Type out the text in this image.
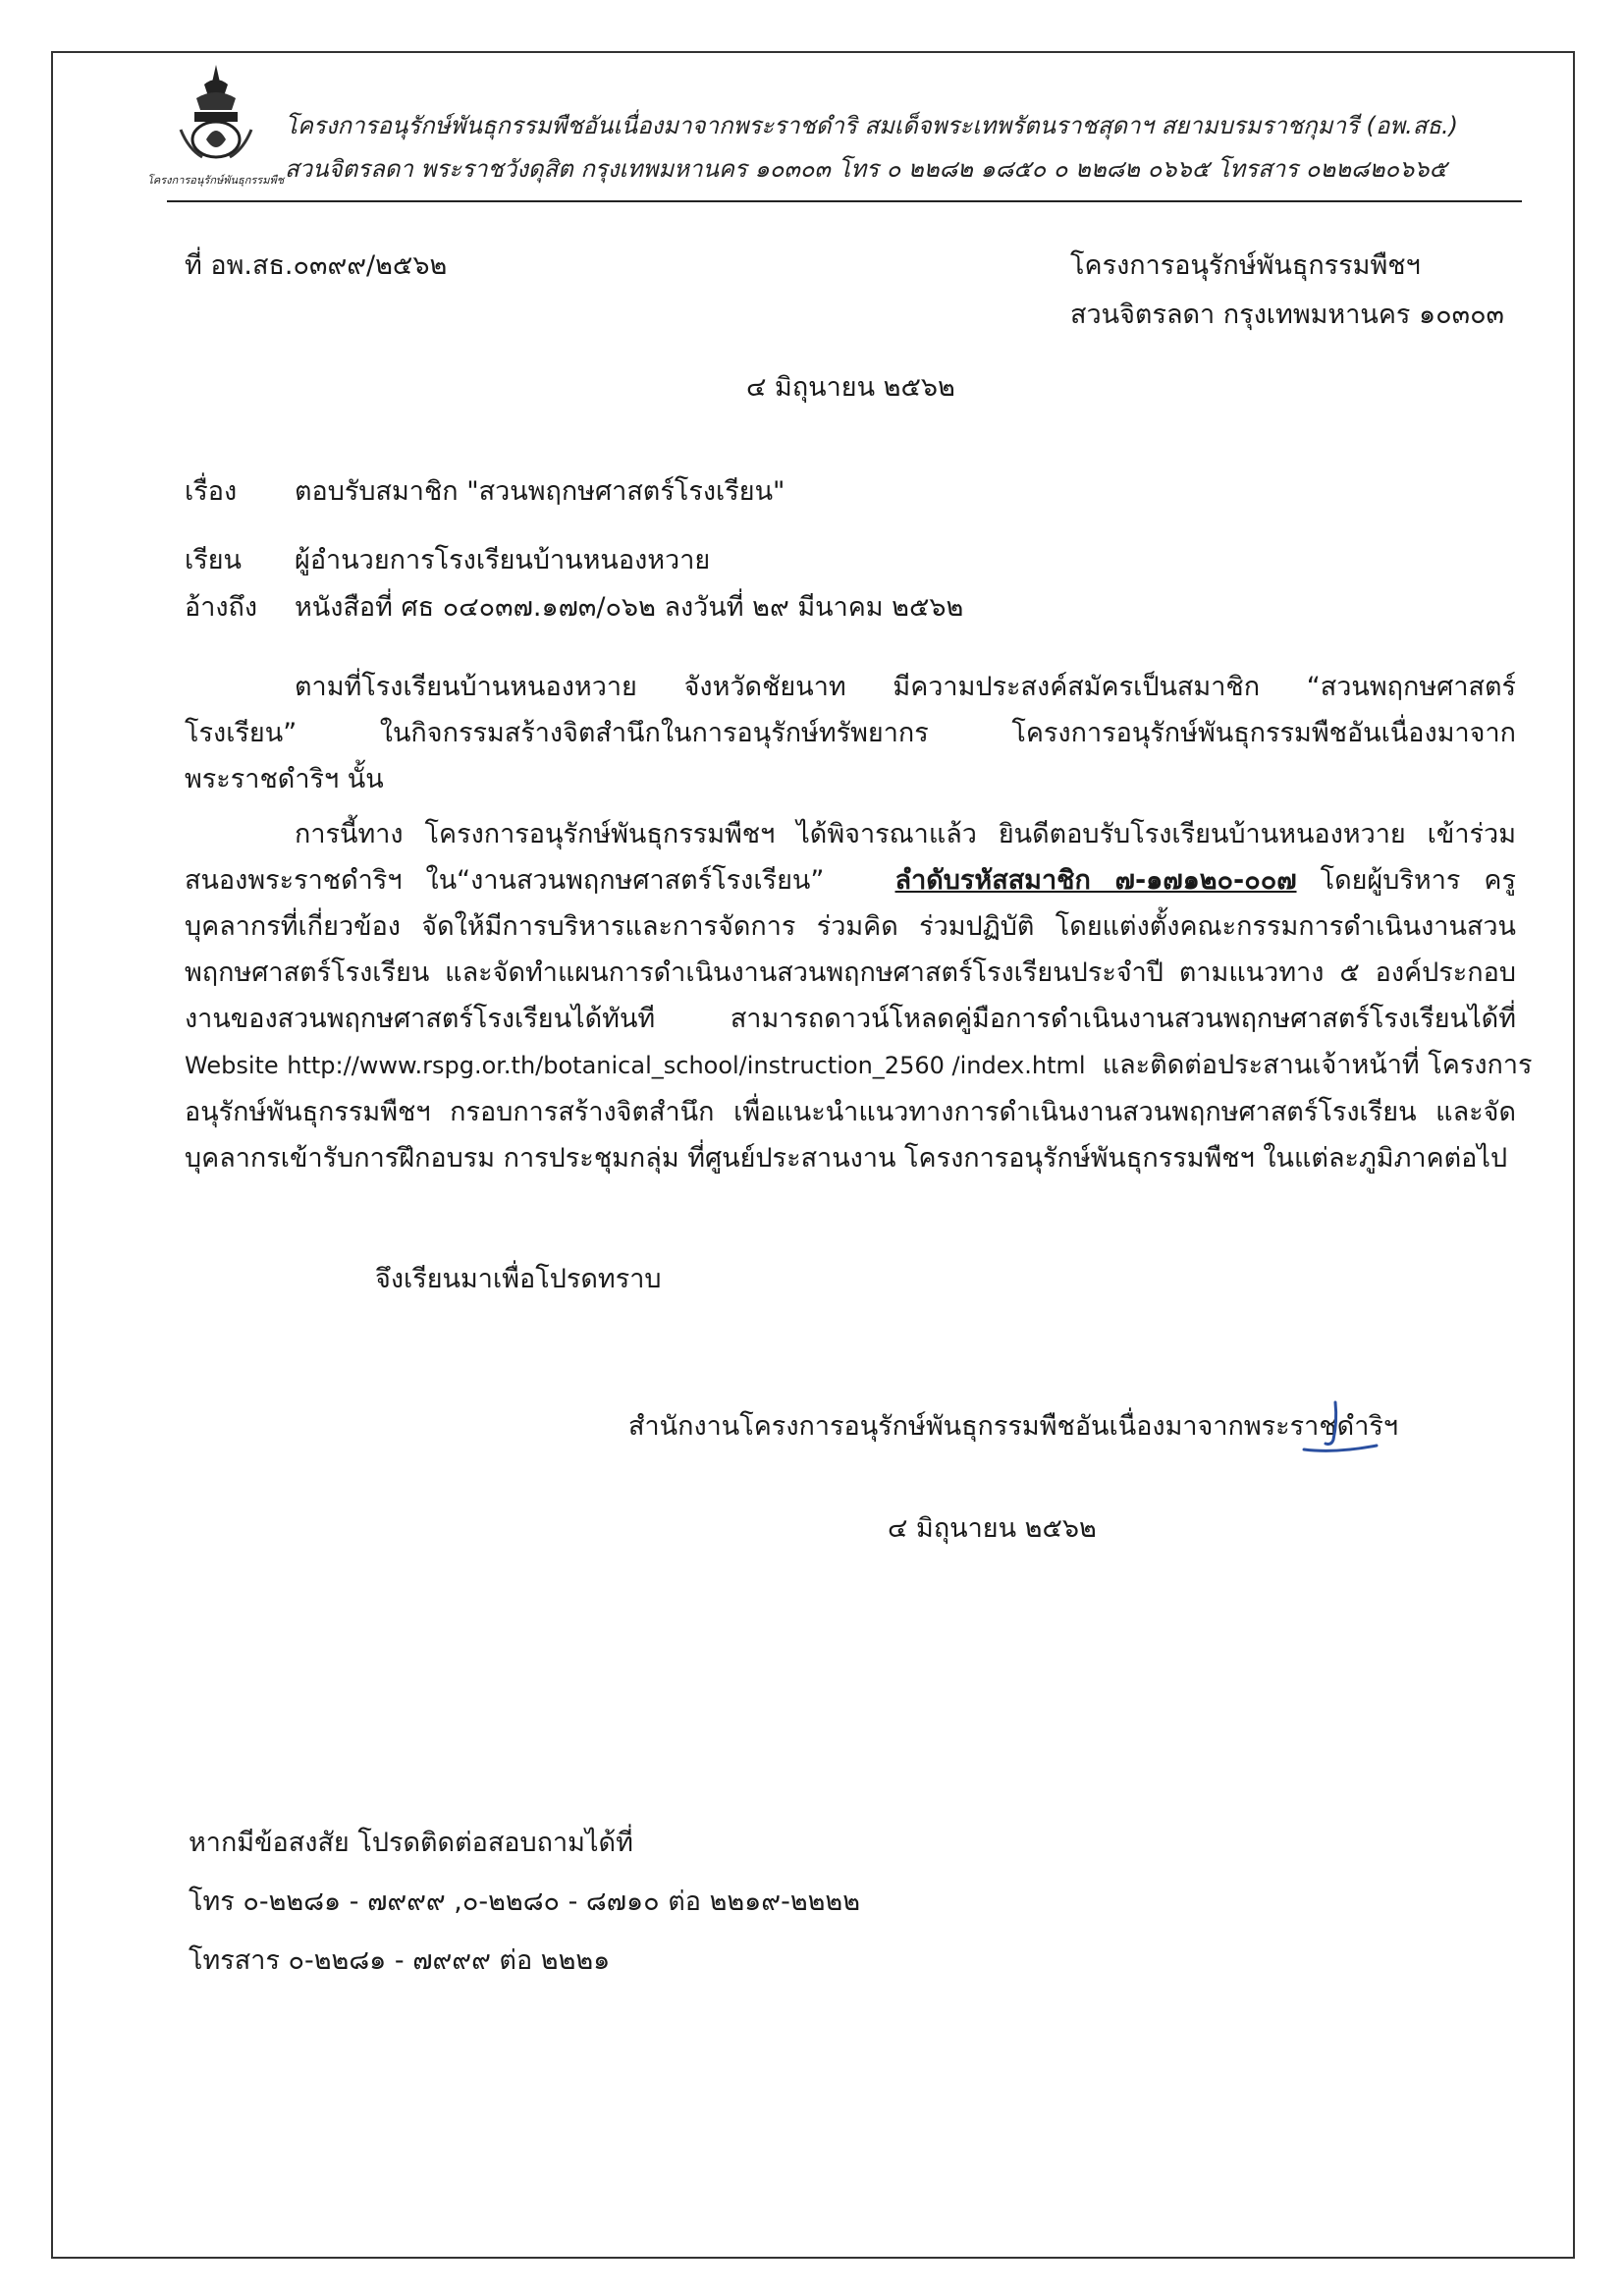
โครงการอนุรักษ์พันธุกรรมพืช
โครงการอนุรักษ์พันธุกรรมพืชอันเนื่องมาจากพระราชดำริ สมเด็จพระเทพรัตนราชสุดาฯ สยามบรมราชกุมารี (อพ.สธ.)
สวนจิตรลดา พระราชวังดุสิต กรุงเทพมหานคร ๑๐๓๐๓ โทร ๐ ๒๒๘๒ ๑๘๕๐ ๐ ๒๒๘๒ ๐๖๖๕ โทรสาร ๐๒๒๘๒๐๖๖๕
ที่ อพ.สธ.๐๓๙๙/๒๕๖๒	โครงการอนุรักษ์พันธุกรรมพืชฯ
สวนจิตรลดา กรุงเทพมหานคร ๑๐๓๐๓
๔ มิถุนายน ๒๕๖๒
เรื่อง ตอบรับสมาชิก "สวนพฤกษศาสตร์โรงเรียน"
เรียน ผู้อำนวยการโรงเรียนบ้านหนองหวาย
อ้างถึง หนังสือที่ ศธ ๐๔๐๓๗.๑๗๓/๐๖๒ ลงวันที่ ๒๙ มีนาคม ๒๕๖๒
ตามที่โรงเรียนบ้านหนองหวาย จังหวัดชัยนาท มีความประสงค์สมัครเป็นสมาชิก “สวนพฤกษศาสตร์
โรงเรียน” ในกิจกรรมสร้างจิตสำนึกในการอนุรักษ์ทรัพยากร โครงการอนุรักษ์พันธุกรรมพืชอันเนื่องมาจาก
พระราชดำริฯ นั้น
การนี้ทาง โครงการอนุรักษ์พันธุกรรมพืชฯ ได้พิจารณาแล้ว ยินดีตอบรับโรงเรียนบ้านหนองหวาย เข้าร่วม
สนองพระราชดำริฯ ใน“งานสวนพฤกษศาสตร์โรงเรียน”	ลำดับรหัสสมาชิก ๗-๑๗๑๒๐-๐๐๗ โดยผู้บริหาร ครู
บุคลากรที่เกี่ยวข้อง จัดให้มีการบริหารและการจัดการ ร่วมคิด ร่วมปฏิบัติ โดยแต่งตั้งคณะกรรมการดำเนินงานสวน
พฤกษศาสตร์โรงเรียน และจัดทำแผนการดำเนินงานสวนพฤกษศาสตร์โรงเรียนประจำปี ตามแนวทาง ๕ องค์ประกอบ
งานของสวนพฤกษศาสตร์โรงเรียนได้ทันที สามารถดาวน์โหลดคู่มือการดำเนินงานสวนพฤกษศาสตร์โรงเรียนได้ที่
Website http://www.rspg.or.th/botanical_school/instruction_2560 /index.html และติดต่อประสานเจ้าหน้าที่ โครงการ
อนุรักษ์พันธุกรรมพืชฯ กรอบการสร้างจิตสำนึก เพื่อแนะนำแนวทางการดำเนินงานสวนพฤกษศาสตร์โรงเรียน และจัด
บุคลากรเข้ารับการฝึกอบรม การประชุมกลุ่ม ที่ศูนย์ประสานงาน โครงการอนุรักษ์พันธุกรรมพืชฯ ในแต่ละภูมิภาคต่อไป
จึงเรียนมาเพื่อโปรดทราบ
สำนักงานโครงการอนุรักษ์พันธุกรรมพืชอันเนื่องมาจากพระราชดำริฯ
๔ มิถุนายน ๒๕๖๒
หากมีข้อสงสัย โปรดติดต่อสอบถามได้ที่
โทร ๐-๒๒๘๑ - ๗๙๙๙ ,๐-๒๒๘๐ - ๘๗๑๐ ต่อ ๒๒๑๙-๒๒๒๒
โทรสาร ๐-๒๒๘๑ - ๗๙๙๙ ต่อ ๒๒๒๑
